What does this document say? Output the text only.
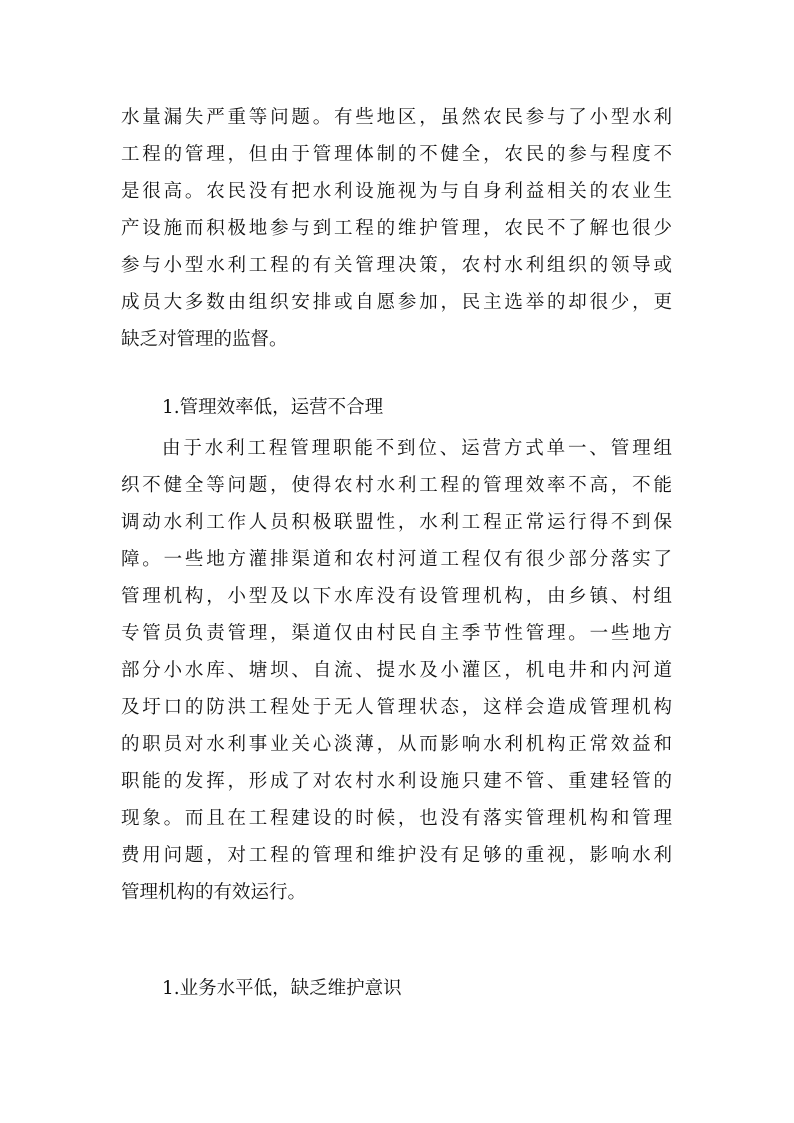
水量漏失严重等问题。有些地区，虽然农民参与了小型水利
工程的管理，但由于管理体制的不健全，农民的参与程度不
是很高。农民没有把水利设施视为与自身利益相关的农业生
产设施而积极地参与到工程的维护管理，农民不了解也很少
参与小型水利工程的有关管理决策，农村水利组织的领导或
成员大多数由组织安排或自愿参加，民主选举的却很少，更
缺乏对管理的监督。
1.管理效率低，运营不合理
由于水利工程管理职能不到位、运营方式单一、管理组
织不健全等问题，使得农村水利工程的管理效率不高，不能
调动水利工作人员积极联盟性，水利工程正常运行得不到保
障。一些地方灌排渠道和农村河道工程仅有很少部分落实了
管理机构，小型及以下水库没有设管理机构，由乡镇、村组
专管员负责管理，渠道仅由村民自主季节性管理。一些地方
部分小水库、塘坝、自流、提水及小灌区，机电井和内河道
及圩口的防洪工程处于无人管理状态，这样会造成管理机构
的职员对水利事业关心淡薄，从而影响水利机构正常效益和
职能的发挥，形成了对农村水利设施只建不管、重建轻管的
现象。而且在工程建设的时候，也没有落实管理机构和管理
费用问题，对工程的管理和维护没有足够的重视，影响水利
管理机构的有效运行。
1.业务水平低，缺乏维护意识
